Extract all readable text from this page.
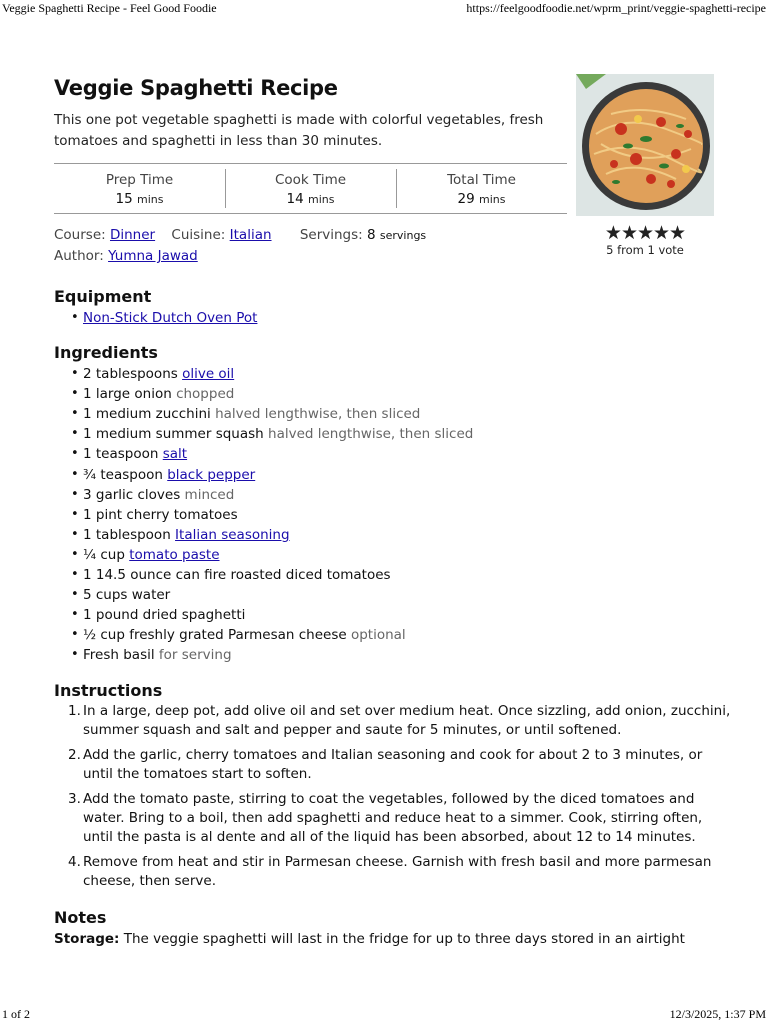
Veggie Spaghetti Recipe - Feel Good Foodie	https://feelgoodfoodie.net/wprm_print/veggie-spaghetti-recipe
Veggie Spaghetti Recipe
This one pot vegetable spaghetti is made with colorful vegetables, fresh tomatoes and spaghetti in less than 30 minutes.
Prep Time
15 mins
Cook Time
14 mins
Total Time
29 mins
Course: Dinner Cuisine: Italian Servings: 8 servings
Author: Yumna Jawad
★★★★★
5 from 1 vote
Equipment
• Non-Stick Dutch Oven Pot
Ingredients
• 2 tablespoons olive oil
• 1 large onion chopped
• 1 medium zucchini halved lengthwise, then sliced
• 1 medium summer squash halved lengthwise, then sliced
• 1 teaspoon salt
• ¾ teaspoon black pepper
• 3 garlic cloves minced
• 1 pint cherry tomatoes
• 1 tablespoon Italian seasoning
• ¼ cup tomato paste
• 1 14.5 ounce can fire roasted diced tomatoes
• 5 cups water
• 1 pound dried spaghetti
• ½ cup freshly grated Parmesan cheese optional
• Fresh basil for serving
Instructions
1. In a large, deep pot, add olive oil and set over medium heat. Once sizzling, add onion, zucchini, summer squash and salt and pepper and saute for 5 minutes, or until softened.
2. Add the garlic, cherry tomatoes and Italian seasoning and cook for about 2 to 3 minutes, or until the tomatoes start to soften.
3. Add the tomato paste, stirring to coat the vegetables, followed by the diced tomatoes and water. Bring to a boil, then add spaghetti and reduce heat to a simmer. Cook, stirring often, until the pasta is al dente and all of the liquid has been absorbed, about 12 to 14 minutes.
4. Remove from heat and stir in Parmesan cheese. Garnish with fresh basil and more parmesan cheese, then serve.
Notes
Storage: The veggie spaghetti will last in the fridge for up to three days stored in an airtight
1 of 2	12/3/2025, 1:37 PM
